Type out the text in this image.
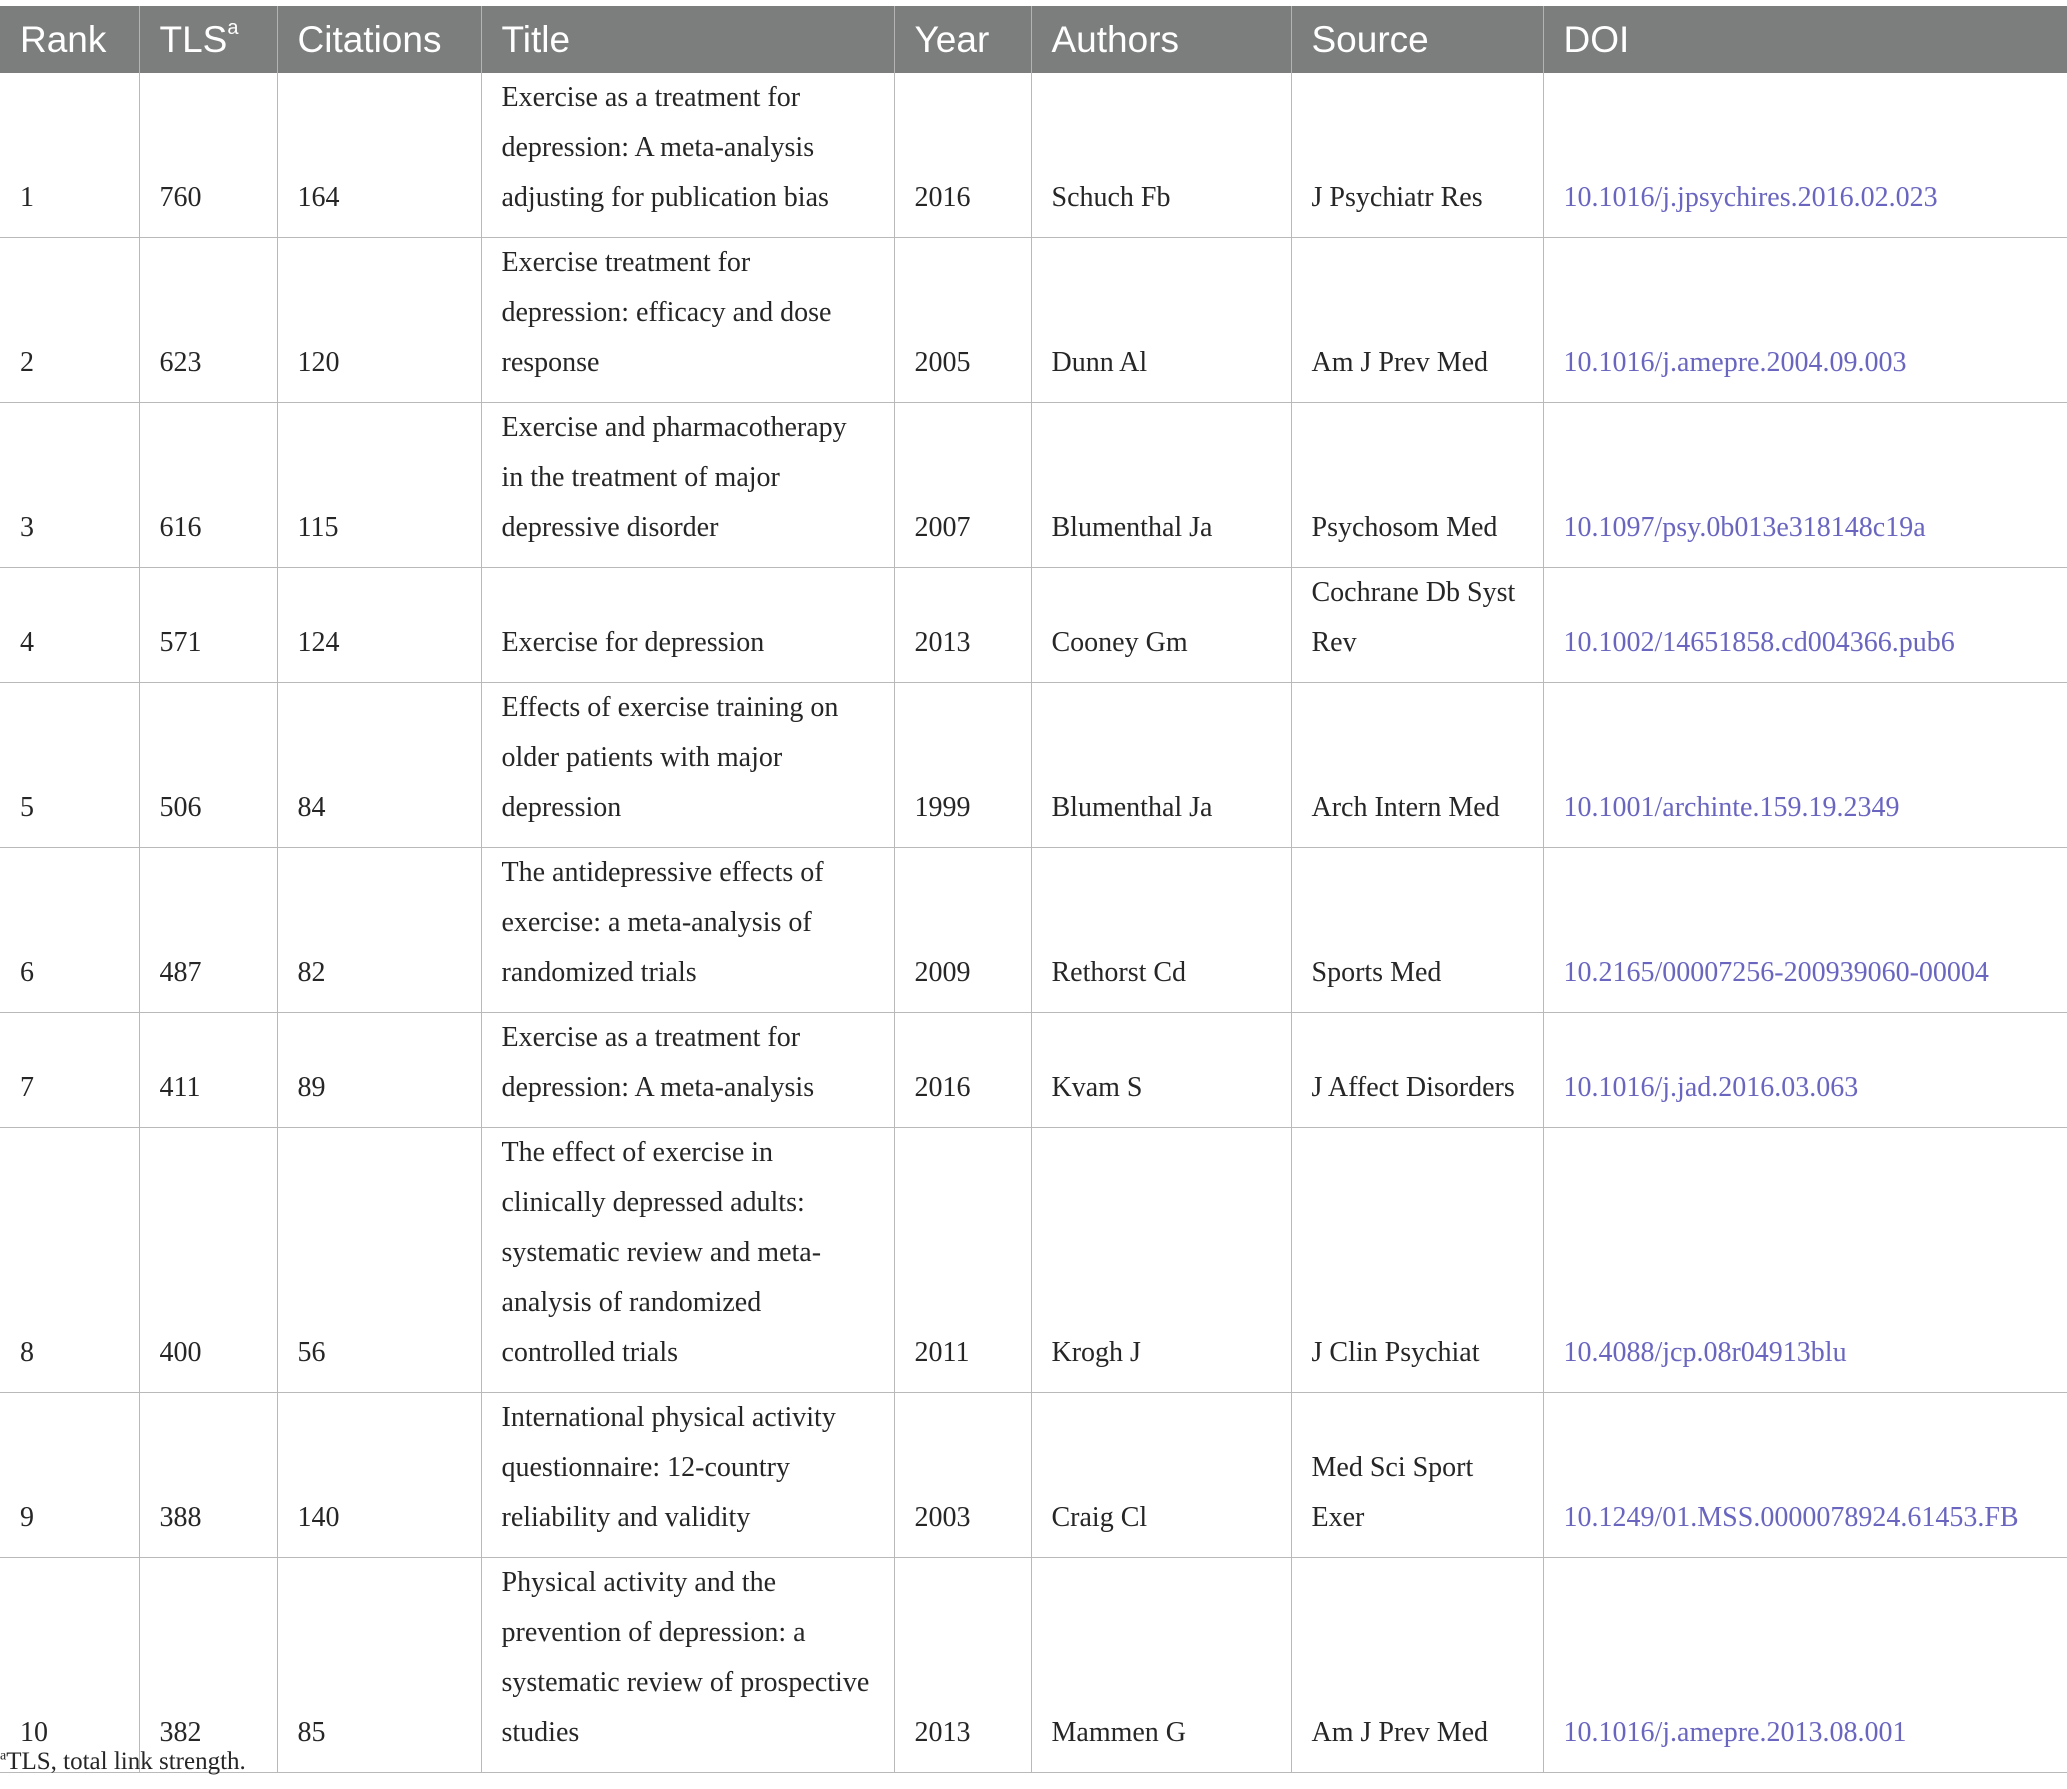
Rank	TLS$^a$	Citations	Title	Year	Authors	Source	DOI
1	760	164	Exercise as a treatment for depression: A meta-analysis adjusting for publication bias	2016	Schuch Fb	J Psychiatr Res	10.1016/j.jpsychires.2016.02.023
2	623	120	Exercise treatment for depression: efficacy and dose response	2005	Dunn Al	Am J Prev Med	10.1016/j.amepre.2004.09.003
3	616	115	Exercise and pharmacotherapy in the treatment of major depressive disorder	2007	Blumenthal Ja	Psychosom Med	10.1097/psy.0b013e318148c19a
4	571	124	Exercise for depression	2013	Cooney Gm	Cochrane Db Syst Rev	10.1002/14651858.cd004366.pub6
5	506	84	Effects of exercise training on older patients with major depression	1999	Blumenthal Ja	Arch Intern Med	10.1001/archinte.159.19.2349
6	487	82	The antidepressive effects of exercise: a meta-analysis of randomized trials	2009	Rethorst Cd	Sports Med	10.2165/00007256-200939060-00004
7	411	89	Exercise as a treatment for depression: A meta-analysis	2016	Kvam S	J Affect Disorders	10.1016/j.jad.2016.03.063
8	400	56	The effect of exercise in clinically depressed adults: systematic review and meta-analysis of randomized controlled trials	2011	Krogh J	J Clin Psychiat	10.4088/jcp.08r04913blu
9	388	140	International physical activity questionnaire: 12-country reliability and validity	2003	Craig Cl	Med Sci Sport Exer	10.1249/01.MSS.0000078924.61453.FB
10	382	85	Physical activity and the prevention of depression: a systematic review of prospective studies	2013	Mammen G	Am J Prev Med	10.1016/j.amepre.2013.08.001
$^a$TLS, total link strength.
